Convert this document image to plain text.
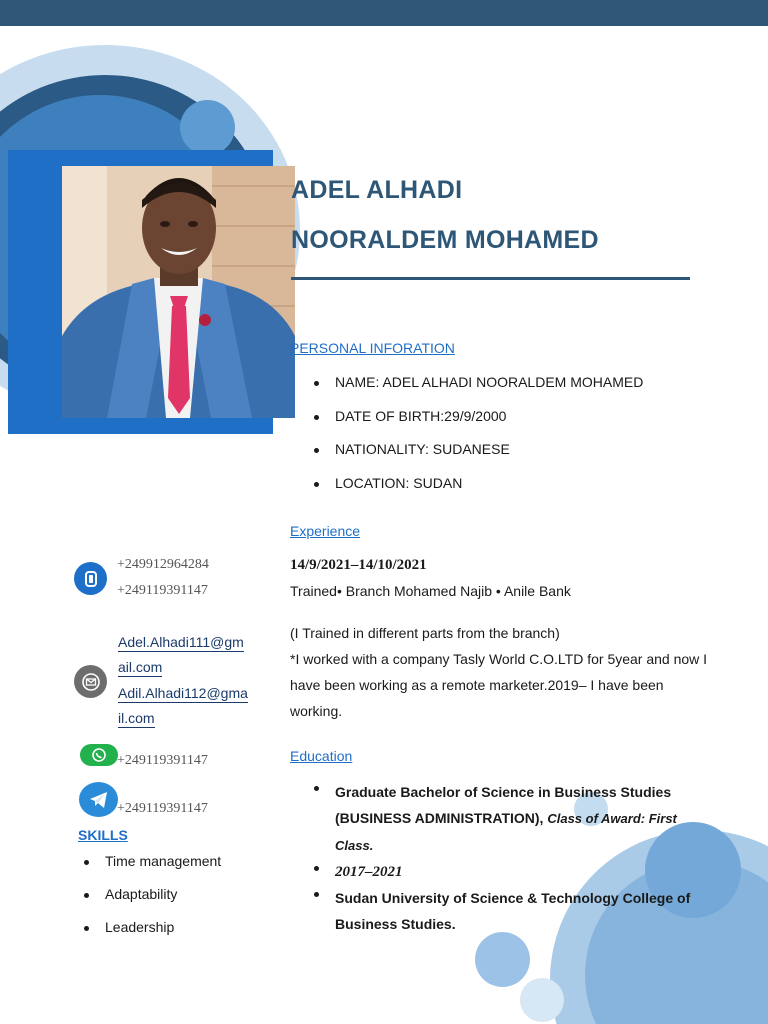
ADEL ALHADI
NOORALDEM MOHAMED
PERSONAL INFORATION
NAME: ADEL ALHADI NOORALDEM MOHAMED
DATE OF BIRTH:29/9/2000
NATIONALITY: SUDANESE
LOCATION: SUDAN
Experience
14/9/2021–14/10/2021
Trained• Branch Mohamed Najib • Anile Bank
(I Trained in different parts from the branch)
*I worked with a company Tasly World C.O.LTD for 5year and now I have been working as a remote marketer.2019– I have been working.
Education
Graduate Bachelor of Science in Business Studies (BUSINESS ADMINISTRATION), Class of Award: First Class.
2017–2021
Sudan University of Science & Technology College of Business Studies.
+249912964284
+249119391147
Adel.Alhadi111@gm
ail.com
Adil.Alhadi112@gma
il.com
+249119391147
+249119391147
SKILLS
Time management
Adaptability
Leadership
